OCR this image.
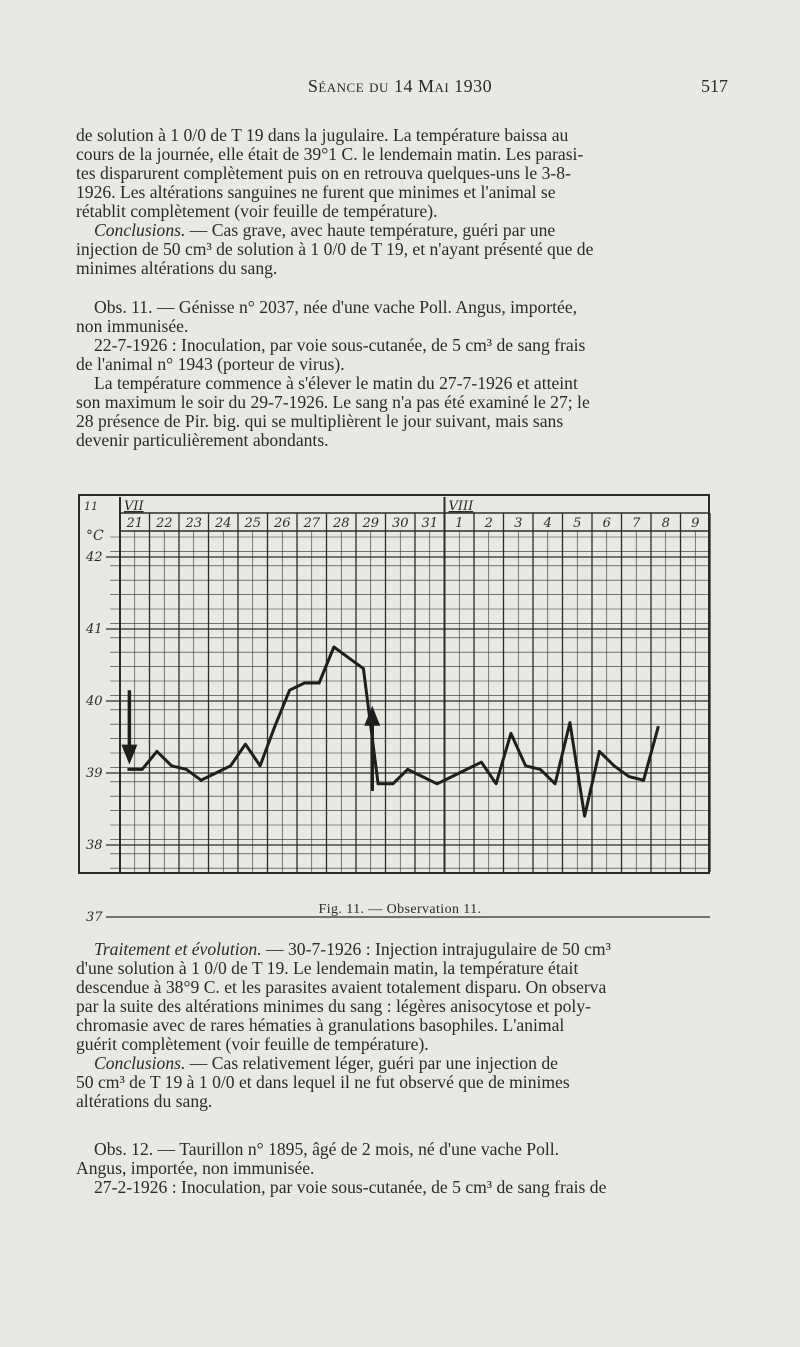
Séance du 14 Mai 1930	517
de solution à 1 0/0 de T 19 dans la jugulaire. La température baissa au
cours de la journée, elle était de 39°1 C. le lendemain matin. Les parasi-
tes disparurent complètement puis on en retrouva quelques-uns le 3-8-
1926. Les altérations sanguines ne furent que minimes et l'animal se
rétablit complètement (voir feuille de température).
Conclusions. — Cas grave, avec haute température, guéri par une
injection de 50 cm³ de solution à 1 0/0 de T 19, et n'ayant présenté que de
minimes altérations du sang.
Obs. 11. — Génisse n° 2037, née d'une vache Poll. Angus, importée,
non immunisée.
22-7-1926 : Inoculation, par voie sous-cutanée, de 5 cm³ de sang frais
de l'animal n° 1943 (porteur de virus).
La température commence à s'élever le matin du 27-7-1926 et atteint
son maximum le soir du 29-7-1926. Le sang n'a pas été examiné le 27; le
28 présence de Pir. big. qui se multiplièrent le jour suivant, mais sans
devenir particulièrement abondants.
VII	VIII
11
°C
21 22 23 24 25 26 27 28 29 30 31 1 2 3 4 5 6 7 8 9
42
41
40
39
38
37
Fig. 11. — Observation 11.
Traitement et évolution. — 30-7-1926 : Injection intrajugulaire de 50 cm³
d'une solution à 1 0/0 de T 19. Le lendemain matin, la température était
descendue à 38°9 C. et les parasites avaient totalement disparu. On observa
par la suite des altérations minimes du sang : légères anisocytose et poly-
chromasie avec de rares hématies à granulations basophiles. L'animal
guérit complètement (voir feuille de température).
Conclusions. — Cas relativement léger, guéri par une injection de
50 cm³ de T 19 à 1 0/0 et dans lequel il ne fut observé que de minimes
altérations du sang.
Obs. 12. — Taurillon n° 1895, âgé de 2 mois, né d'une vache Poll.
Angus, importée, non immunisée.
27-2-1926 : Inoculation, par voie sous-cutanée, de 5 cm³ de sang frais de
